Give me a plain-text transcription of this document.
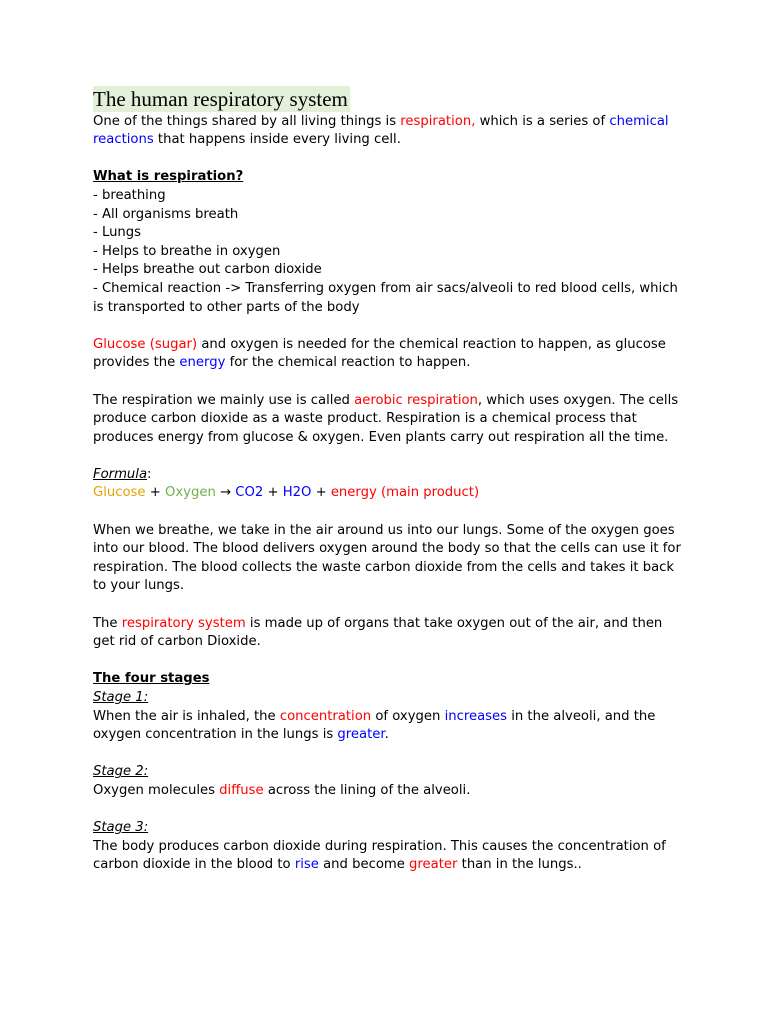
The human respiratory system

One of the things shared by all living things is respiration, which is a series of chemical reactions that happens inside every living cell.

What is respiration?

- breathing

- All organisms breath

- Lungs

- Helps to breathe in oxygen

- Helps breathe out carbon dioxide

- Chemical reaction -> Transferring oxygen from air sacs/alveoli to red blood cells, which is transported to other parts of the body

Glucose (sugar) and oxygen is needed for the chemical reaction to happen, as glucose provides the energy for the chemical reaction to happen.

The respiration we mainly use is called aerobic respiration, which uses oxygen. The cells produce carbon dioxide as a waste product. Respiration is a chemical process that produces energy from glucose & oxygen. Even plants carry out respiration all the time.

Formula:

Glucose + Oxygen → CO2 + H2O + energy (main product)

When we breathe, we take in the air around us into our lungs. Some of the oxygen goes into our blood. The blood delivers oxygen around the body so that the cells can use it for respiration. The blood collects the waste carbon dioxide from the cells and takes it back to your lungs.

The respiratory system is made up of organs that take oxygen out of the air, and then get rid of carbon Dioxide.

The four stages

Stage 1:

When the air is inhaled, the concentration of oxygen increases in the alveoli, and the oxygen concentration in the lungs is greater.

Stage 2:

Oxygen molecules diffuse across the lining of the alveoli.

Stage 3:

The body produces carbon dioxide during respiration. This causes the concentration of carbon dioxide in the blood to rise and become greater than in the lungs..
